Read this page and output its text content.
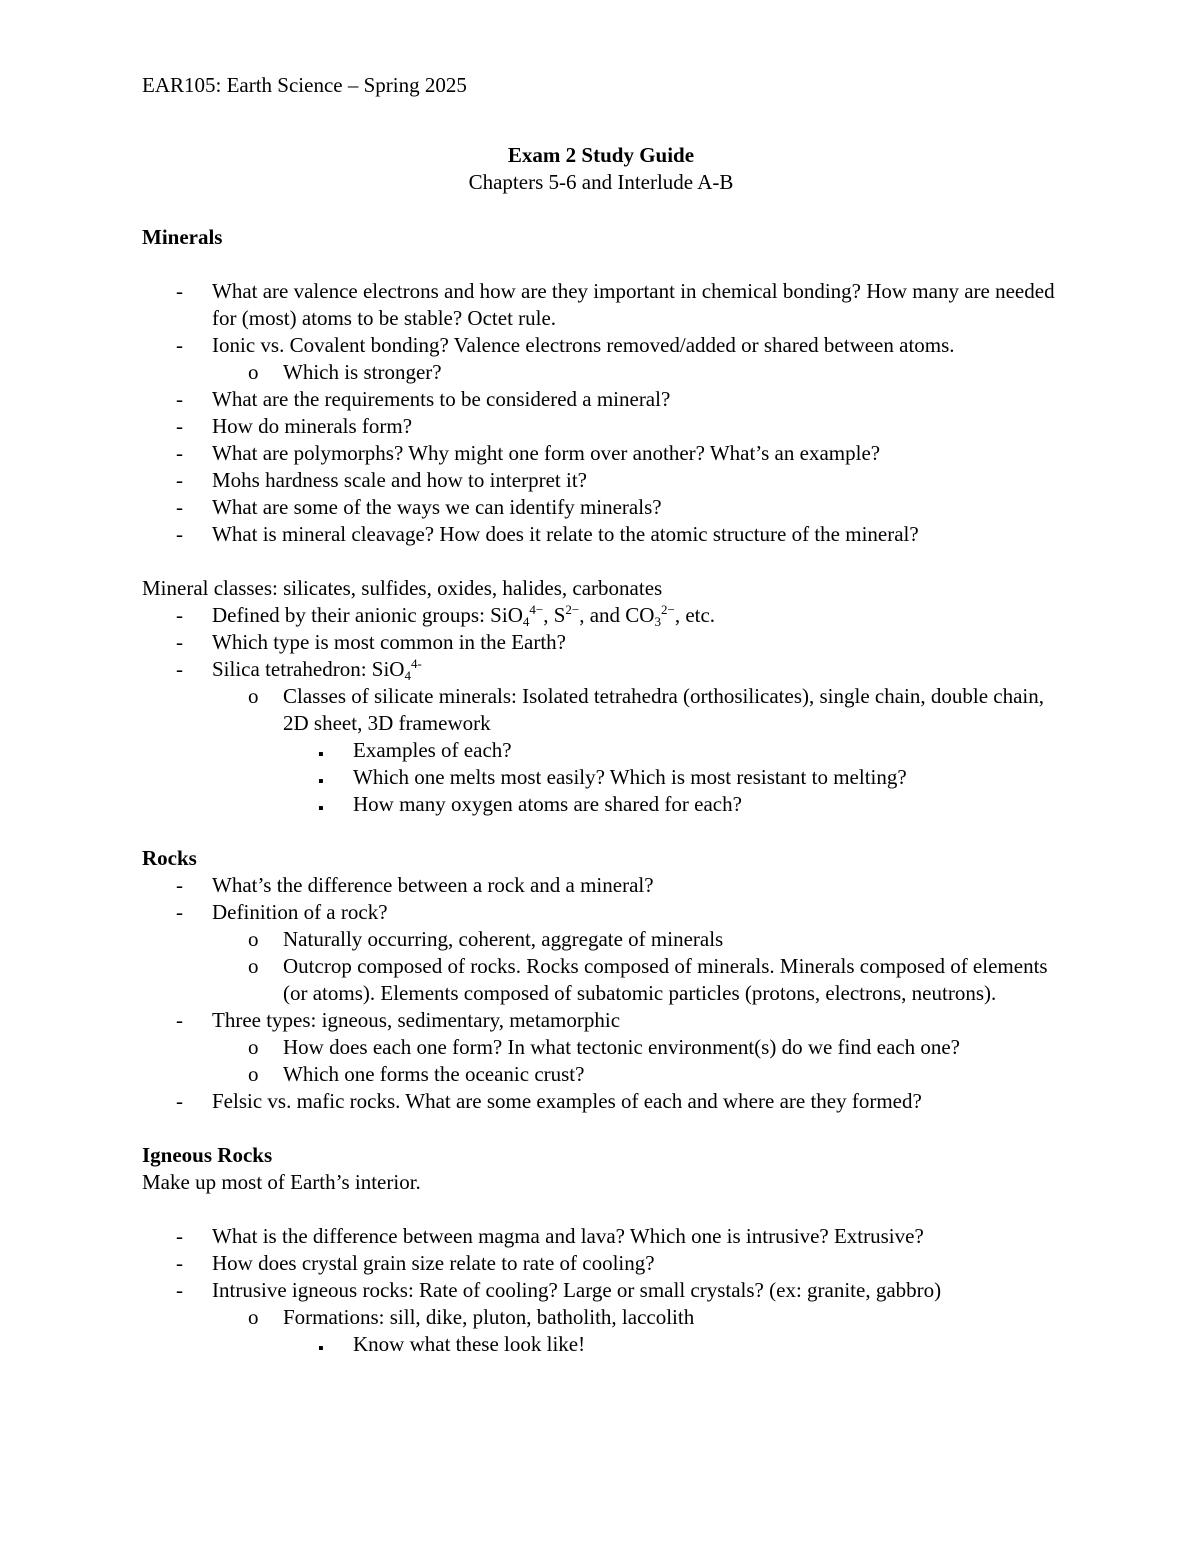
EAR105: Earth Science – Spring 2025
Exam 2 Study Guide
Chapters 5-6 and Interlude A-B
Minerals
- What are valence electrons and how are they important in chemical bonding? How many are needed for (most) atoms to be stable? Octet rule.
- Ionic vs. Covalent bonding? Valence electrons removed/added or shared between atoms.
o Which is stronger?
- What are the requirements to be considered a mineral?
- How do minerals form?
- What are polymorphs? Why might one form over another? What’s an example?
- Mohs hardness scale and how to interpret it?
- What are some of the ways we can identify minerals?
- What is mineral cleavage? How does it relate to the atomic structure of the mineral?
Mineral classes: silicates, sulfides, oxides, halides, carbonates
- Defined by their anionic groups: SiO$_4^{4-}$, $S^{2-}$, and $CO_3^{2-}$, etc.
- Which type is most common in the Earth?
- Silica tetrahedron: SiO$_4^{4-}$
o Classes of silicate minerals: Isolated tetrahedra (orthosilicates), single chain, double chain, 2D sheet, 3D framework
▪ Examples of each?
▪ Which one melts most easily? Which is most resistant to melting?
▪ How many oxygen atoms are shared for each?
Rocks
- What’s the difference between a rock and a mineral?
- Definition of a rock?
o Naturally occurring, coherent, aggregate of minerals
o Outcrop composed of rocks. Rocks composed of minerals. Minerals composed of elements (or atoms). Elements composed of subatomic particles (protons, electrons, neutrons).
- Three types: igneous, sedimentary, metamorphic
o How does each one form? In what tectonic environment(s) do we find each one?
o Which one forms the oceanic crust?
- Felsic vs. mafic rocks. What are some examples of each and where are they formed?
Igneous Rocks
Make up most of Earth’s interior.
- What is the difference between magma and lava? Which one is intrusive? Extrusive?
- How does crystal grain size relate to rate of cooling?
- Intrusive igneous rocks: Rate of cooling? Large or small crystals? (ex: granite, gabbro)
o Formations: sill, dike, pluton, batholith, laccolith
▪ Know what these look like!
